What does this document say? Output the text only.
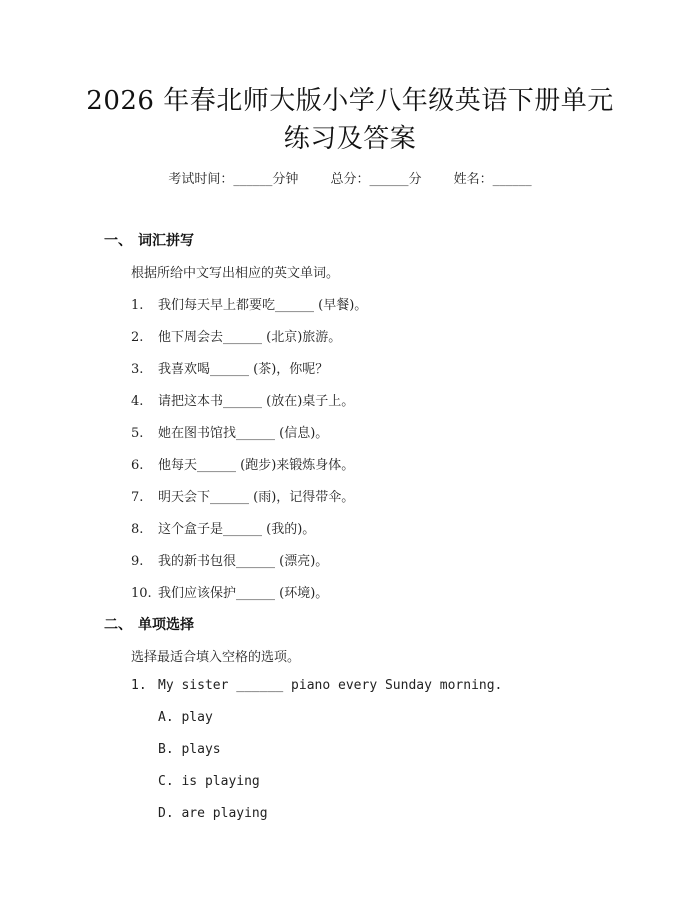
2026 年春北师大版小学八年级英语下册单元
练习及答案
考试时间：______分钟 总分：______分 姓名：______
一、 词汇拼写
根据所给中文写出相应的英文单词。
1. 我们每天早上都要吃______ (早餐)。
2. 他下周会去______ (北京)旅游。
3. 我喜欢喝______ (茶)，你呢？
4. 请把这本书______ (放在)桌子上。
5. 她在图书馆找______ (信息)。
6. 他每天______ (跑步)来锻炼身体。
7. 明天会下______ (雨)，记得带伞。
8. 这个盒子是______ (我的)。
9. 我的新书包很______ (漂亮)。
10. 我们应该保护______ (环境)。
二、 单项选择
选择最适合填入空格的选项。
1. My sister ______ piano every Sunday morning.
A. play
B. plays
C. is playing
D. are playing
